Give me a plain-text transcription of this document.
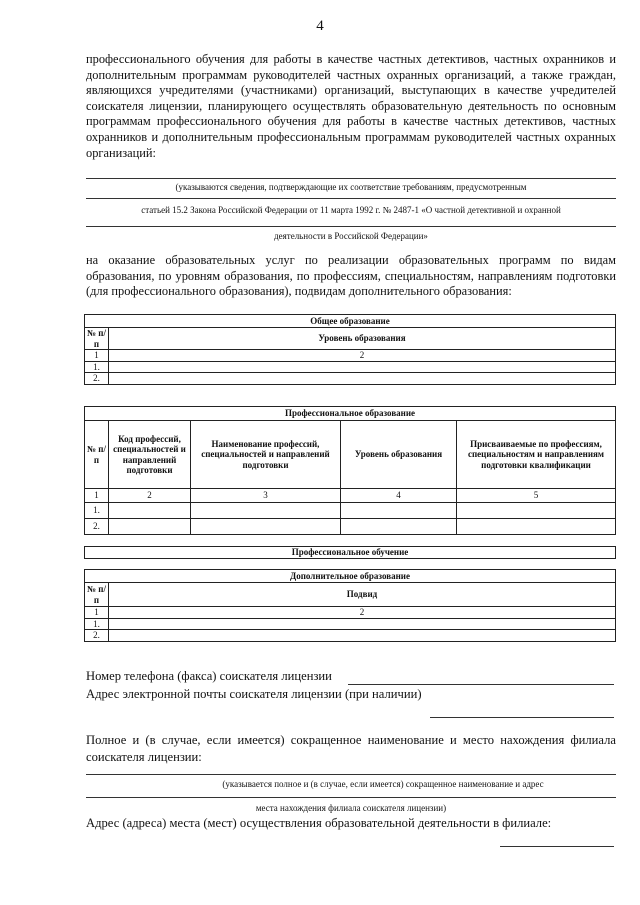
4
профессионального обучения для работы в качестве частных детективов, частных охранников и дополнительным программам руководителей частных охранных организаций, а также граждан, являющихся учредителями (участниками) организаций, выступающих в качестве учредителей соискателя лицензии, планирующего осуществлять образовательную деятельность по основным программам профессионального обучения для работы в качестве частных детективов, частных охранников и дополнительным профессиональным программам руководителей частных охранных организаций:
(указываются сведения, подтверждающие их соответствие требованиям, предусмотренным
статьей 15.2 Закона Российской Федерации от 11 марта 1992 г. № 2487-1 «О частной детективной и охранной
деятельности в Российской Федерации»
на оказание образовательных услуг по реализации образовательных программ по видам образования, по уровням образования, по профессиям, специальностям, направлениям подготовки (для профессионального образования), подвидам дополнительного образования:
Общее образование	
№ п/п	Уровень образования
1	2
1.	
2.	
Профессиональное образование				
№ п/п	Код профессий, специальностей и направлений подготовки	Наименование профессий, специальностей и направлений подготовки	Уровень образования	Присваиваемые по профессиям, специальностям и направлениям подготовки квалификации
1	2	3	4	5
1.				
2.				
Профессиональное обучение
Дополнительное образование	
№ п/п	Подвид
1	2
1.	
2.	
Номер телефона (факса) соискателя лицензии
Адрес электронной почты соискателя лицензии (при наличии)
Полное и (в случае, если имеется) сокращенное наименование и место нахождения филиала соискателя лицензии:
(указывается полное и (в случае, если имеется) сокращенное наименование и адрес
места нахождения филиала соискателя лицензии)
Адрес (адреса) места (мест) осуществления образовательной деятельности в филиале:
